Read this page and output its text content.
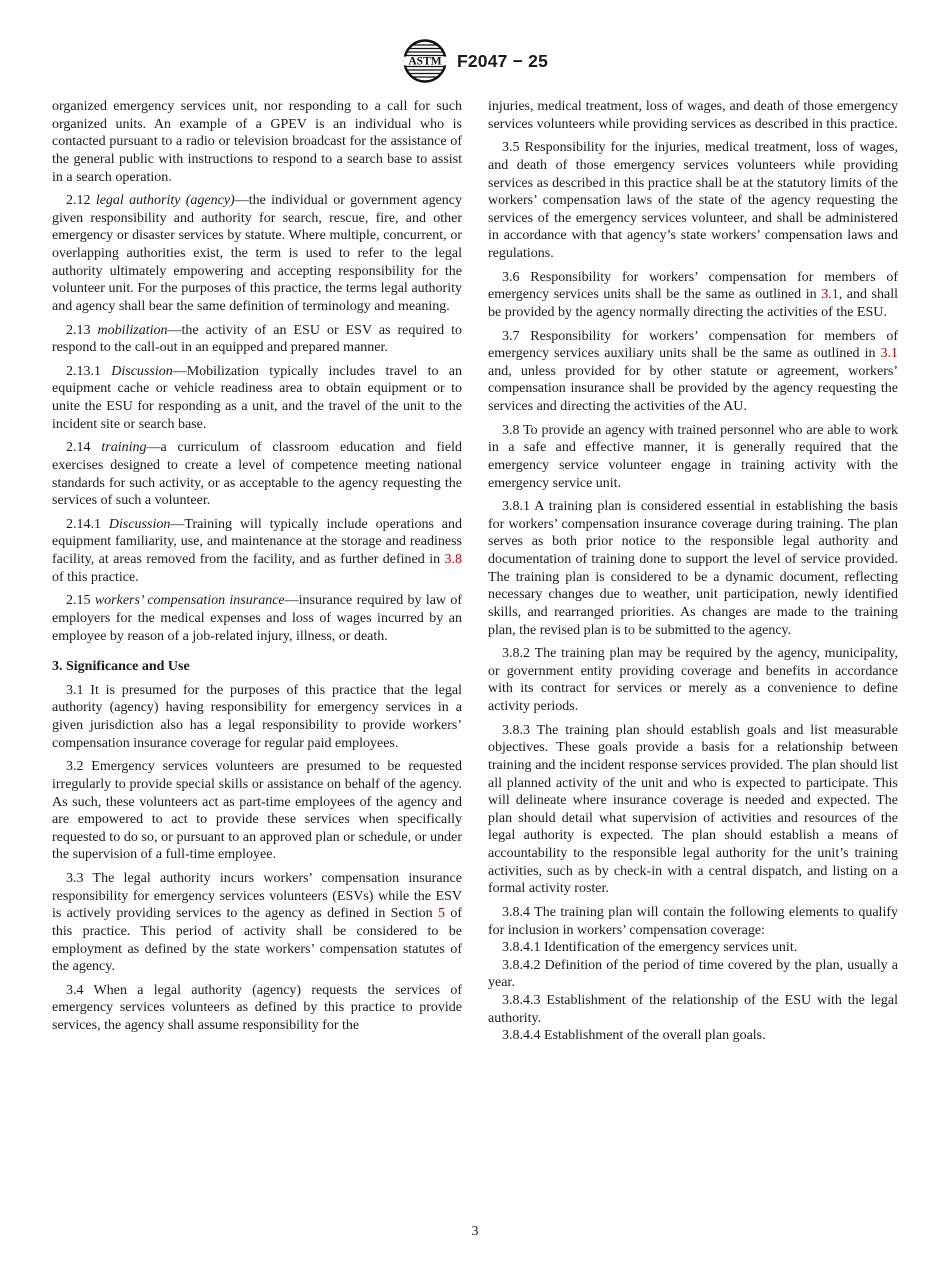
ASTM F2047 − 25

organized emergency services unit, nor responding to a call for such organized units. An example of a GPEV is an individual who is contacted pursuant to a radio or television broadcast for the assistance of the general public with instructions to respond to a search base to assist in a search operation.

2.12 legal authority (agency)—the individual or government agency given responsibility and authority for search, rescue, fire, and other emergency or disaster services by statute. Where multiple, concurrent, or overlapping authorities exist, the term is used to refer to the legal authority ultimately empowering and accepting responsibility for the volunteer unit. For the purposes of this practice, the terms legal authority and agency shall bear the same definition of terminology and meaning.

2.13 mobilization—the activity of an ESU or ESV as required to respond to the call-out in an equipped and prepared manner.

2.13.1 Discussion—Mobilization typically includes travel to an equipment cache or vehicle readiness area to obtain equipment or to unite the ESU for responding as a unit, and the travel of the unit to the incident site or search base.

2.14 training—a curriculum of classroom education and field exercises designed to create a level of competence meeting national standards for such activity, or as acceptable to the agency requesting the services of such a volunteer.

2.14.1 Discussion—Training will typically include operations and equipment familiarity, use, and maintenance at the storage and readiness facility, at areas removed from the facility, and as further defined in 3.8 of this practice.

2.15 workers’ compensation insurance—insurance required by law of employers for the medical expenses and loss of wages incurred by an employee by reason of a job-related injury, illness, or death.

3. Significance and Use

3.1 It is presumed for the purposes of this practice that the legal authority (agency) having responsibility for emergency services in a given jurisdiction also has a legal responsibility to provide workers’ compensation insurance coverage for regular paid employees.

3.2 Emergency services volunteers are presumed to be requested irregularly to provide special skills or assistance on behalf of the agency. As such, these volunteers act as part-time employees of the agency and are empowered to act to provide these services when specifically requested to do so, or pursuant to an approved plan or schedule, or under the supervision of a full-time employee.

3.3 The legal authority incurs workers’ compensation insurance responsibility for emergency services volunteers (ESVs) while the ESV is actively providing services to the agency as defined in Section 5 of this practice. This period of activity shall be considered to be employment as defined by the state workers’ compensation statutes of the agency.

3.4 When a legal authority (agency) requests the services of emergency services volunteers as defined by this practice to provide services, the agency shall assume responsibility for the

injuries, medical treatment, loss of wages, and death of those emergency services volunteers while providing services as described in this practice.

3.5 Responsibility for the injuries, medical treatment, loss of wages, and death of those emergency services volunteers while providing services as described in this practice shall be at the statutory limits of the workers’ compensation laws of the state of the agency requesting the services of the emergency services volunteer, and shall be administered in accordance with that agency’s state workers’ compensation laws and regulations.

3.6 Responsibility for workers’ compensation for members of emergency services units shall be the same as outlined in 3.1, and shall be provided by the agency normally directing the activities of the ESU.

3.7 Responsibility for workers’ compensation for members of emergency services auxiliary units shall be the same as outlined in 3.1 and, unless provided for by other statute or agreement, workers’ compensation insurance shall be provided by the agency requesting the services and directing the activities of the AU.

3.8 To provide an agency with trained personnel who are able to work in a safe and effective manner, it is generally required that the emergency service volunteer engage in training activity with the emergency service unit.

3.8.1 A training plan is considered essential in establishing the basis for workers’ compensation insurance coverage during training. The plan serves as both prior notice to the responsible legal authority and documentation of training done to support the level of service provided. The training plan is considered to be a dynamic document, reflecting necessary changes due to weather, unit participation, newly identified skills, and rearranged priorities. As changes are made to the training plan, the revised plan is to be submitted to the agency.

3.8.2 The training plan may be required by the agency, municipality, or government entity providing coverage and benefits in accordance with its contract for services or merely as a convenience to define activity periods.

3.8.3 The training plan should establish goals and list measurable objectives. These goals provide a basis for a relationship between training and the incident response services provided. The plan should list all planned activity of the unit and who is expected to participate. This will delineate where insurance coverage is needed and expected. The plan should detail what supervision of activities and resources of the legal authority is expected. The plan should establish a means of accountability to the responsible legal authority for the unit’s training activities, such as by check-in with a central dispatch, and listing on a formal activity roster.

3.8.4 The training plan will contain the following elements to qualify for inclusion in workers’ compensation coverage:

3.8.4.1 Identification of the emergency services unit.

3.8.4.2 Definition of the period of time covered by the plan, usually a year.

3.8.4.3 Establishment of the relationship of the ESU with the legal authority.

3.8.4.4 Establishment of the overall plan goals.

3
